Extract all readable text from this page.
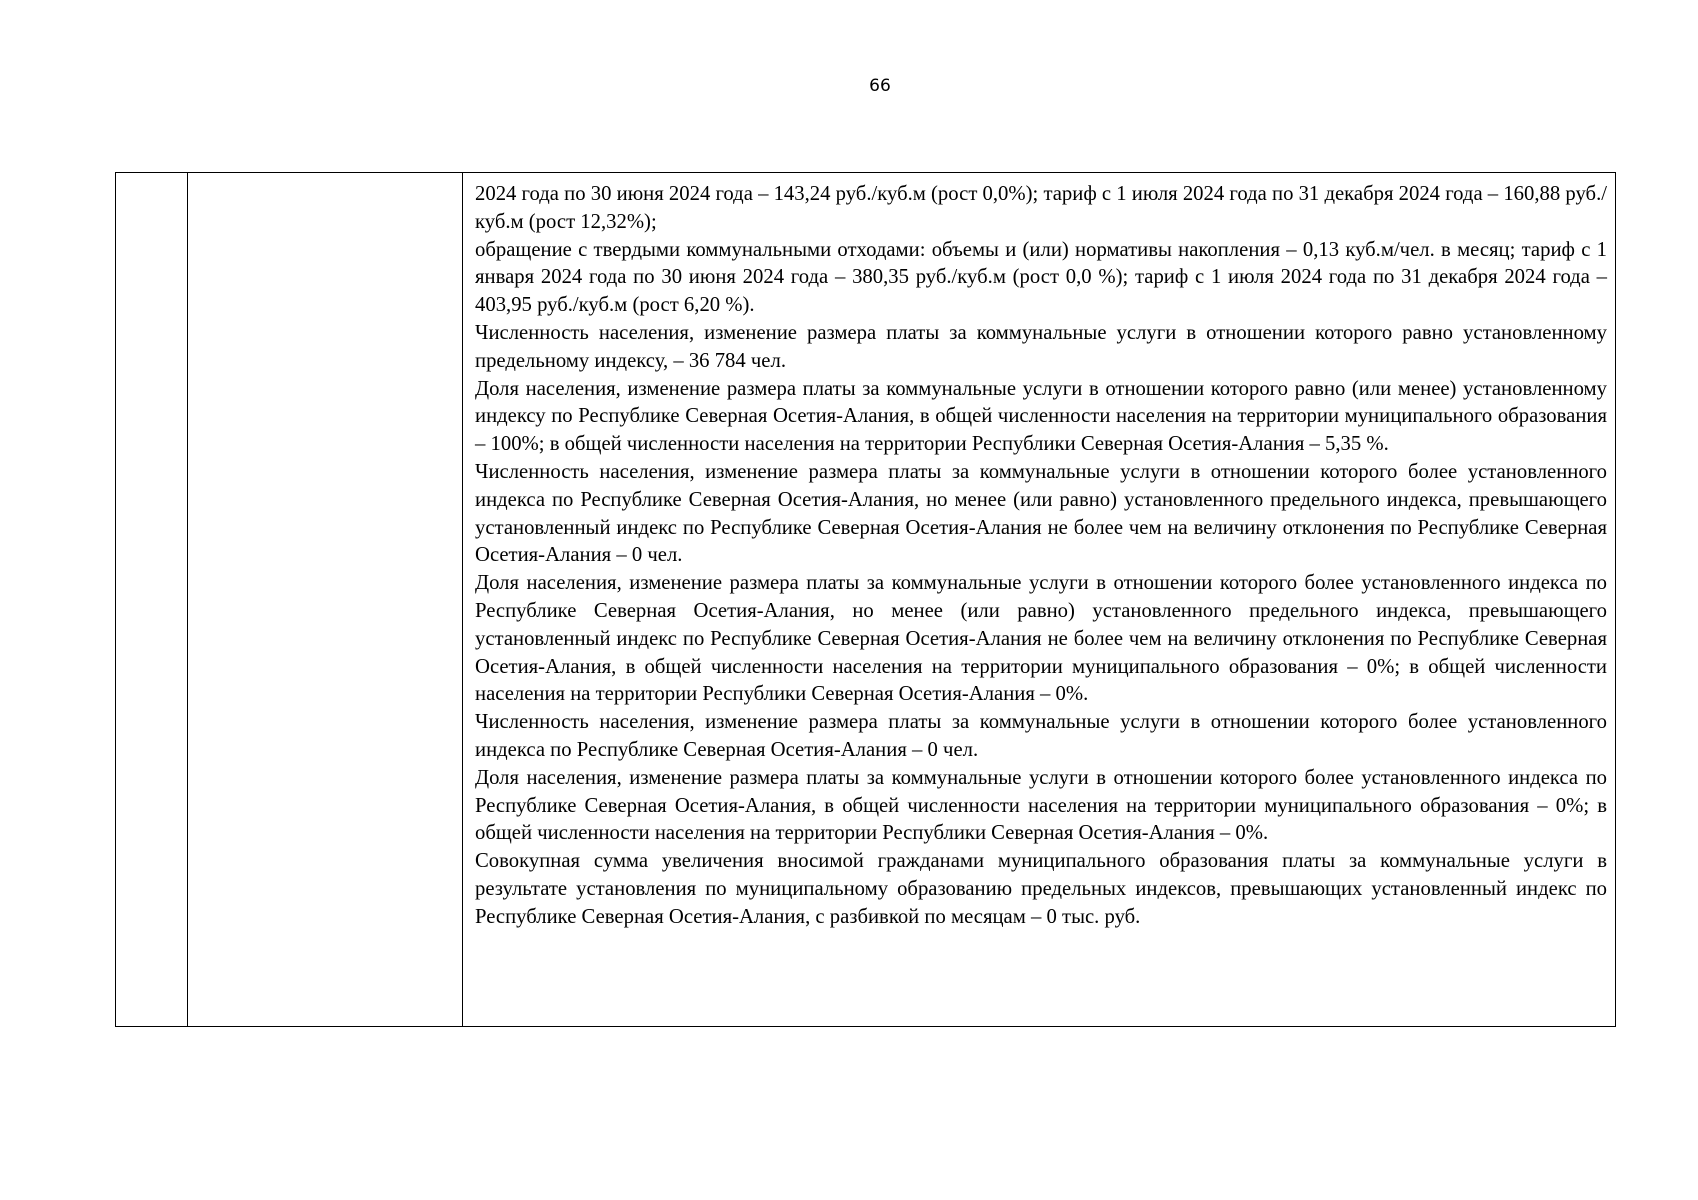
66

2024 года по 30 июня 2024 года – 143,24 руб./куб.м (рост 0,0%); тариф с 1 июля 2024 года по 31 декабря 2024 года – 160,88 руб./куб.м (рост 12,32%);

обращение с твердыми коммунальными отходами: объемы и (или) нормативы накопления – 0,13 куб.м/чел. в месяц; тариф с 1 января 2024 года по 30 июня 2024 года – 380,35 руб./куб.м (рост 0,0 %); тариф с 1 июля 2024 года по 31 декабря 2024 года – 403,95 руб./куб.м (рост 6,20 %).

Численность населения, изменение размера платы за коммунальные услуги в отношении которого равно установленному предельному индексу, – 36 784 чел.

Доля населения, изменение размера платы за коммунальные услуги в отношении которого равно (или менее) установленному индексу по Республике Северная Осетия-Алания, в общей численности населения на территории муниципального образования – 100%; в общей численности населения на территории Республики Северная Осетия-Алания – 5,35 %.

Численность населения, изменение размера платы за коммунальные услуги в отношении которого более установленного индекса по Республике Северная Осетия-Алания, но менее (или равно) установленного предельного индекса, превышающего установленный индекс по Республике Северная Осетия-Алания не более чем на величину отклонения по Республике Северная Осетия-Алания – 0 чел.

Доля населения, изменение размера платы за коммунальные услуги в отношении которого более установленного индекса по Республике Северная Осетия-Алания, но менее (или равно) установленного предельного индекса, превышающего установленный индекс по Республике Северная Осетия-Алания не более чем на величину отклонения по Республике Северная Осетия-Алания, в общей численности населения на территории муниципального образования – 0%; в общей численности населения на территории Республики Северная Осетия-Алания – 0%.

Численность населения, изменение размера платы за коммунальные услуги в отношении которого более установленного индекса по Республике Северная Осетия-Алания – 0 чел.

Доля населения, изменение размера платы за коммунальные услуги в отношении которого более установленного индекса по Республике Северная Осетия-Алания, в общей численности населения на территории муниципального образования – 0%; в общей численности населения на территории Республики Северная Осетия-Алания – 0%.

Совокупная сумма увеличения вносимой гражданами муниципального образования платы за коммунальные услуги в результате установления по муниципальному образованию предельных индексов, превышающих установленный индекс по Республике Северная Осетия-Алания, с разбивкой по месяцам – 0 тыс. руб.
